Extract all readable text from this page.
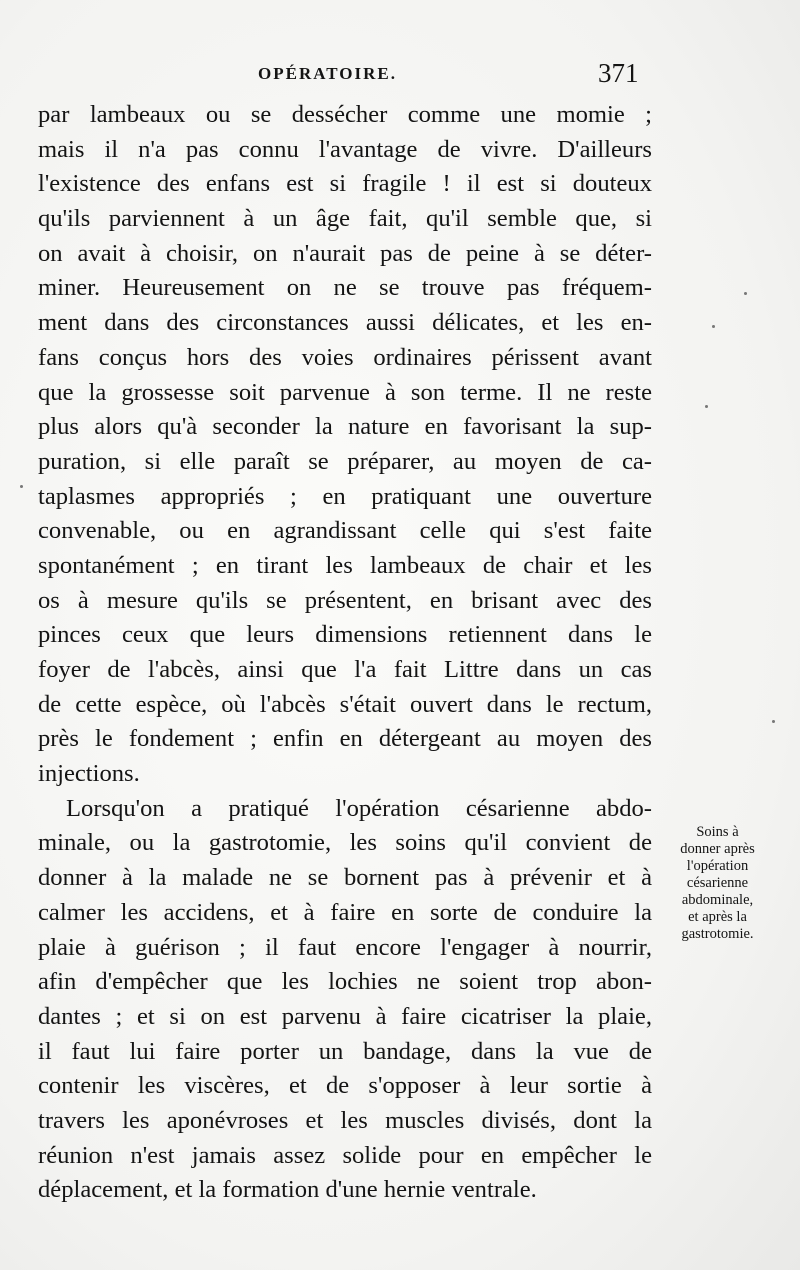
OPÉRATOIRE.	371
par lambeaux ou se dessécher comme une momie ;
mais il n'a pas connu l'avantage de vivre. D'ailleurs
l'existence des enfans est si fragile ! il est si douteux
qu'ils parviennent à un âge fait, qu'il semble que, si
on avait à choisir, on n'aurait pas de peine à se déter-
miner. Heureusement on ne se trouve pas fréquem-
ment dans des circonstances aussi délicates, et les en-
fans conçus hors des voies ordinaires périssent avant
que la grossesse soit parvenue à son terme. Il ne reste
plus alors qu'à seconder la nature en favorisant la sup-
puration, si elle paraît se préparer, au moyen de ca-
taplasmes appropriés ; en pratiquant une ouverture
convenable, ou en agrandissant celle qui s'est faite
spontanément ; en tirant les lambeaux de chair et les
os à mesure qu'ils se présentent, en brisant avec des
pinces ceux que leurs dimensions retiennent dans le
foyer de l'abcès, ainsi que l'a fait Littre dans un cas
de cette espèce, où l'abcès s'était ouvert dans le rectum,
près le fondement ; enfin en détergeant au moyen des
injections.
Lorsqu'on a pratiqué l'opération césarienne abdo-
minale, ou la gastrotomie, les soins qu'il convient de
donner à la malade ne se bornent pas à prévenir et à
calmer les accidens, et à faire en sorte de conduire la
plaie à guérison ; il faut encore l'engager à nourrir,
afin d'empêcher que les lochies ne soient trop abon-
dantes ; et si on est parvenu à faire cicatriser la plaie,
il faut lui faire porter un bandage, dans la vue de
contenir les viscères, et de s'opposer à leur sortie à
travers les aponévroses et les muscles divisés, dont la
réunion n'est jamais assez solide pour en empêcher le
déplacement, et la formation d'une hernie ventrale.
Soins à
donner après
l'opération
césarienne
abdominale,
et après la
gastrotomie.
